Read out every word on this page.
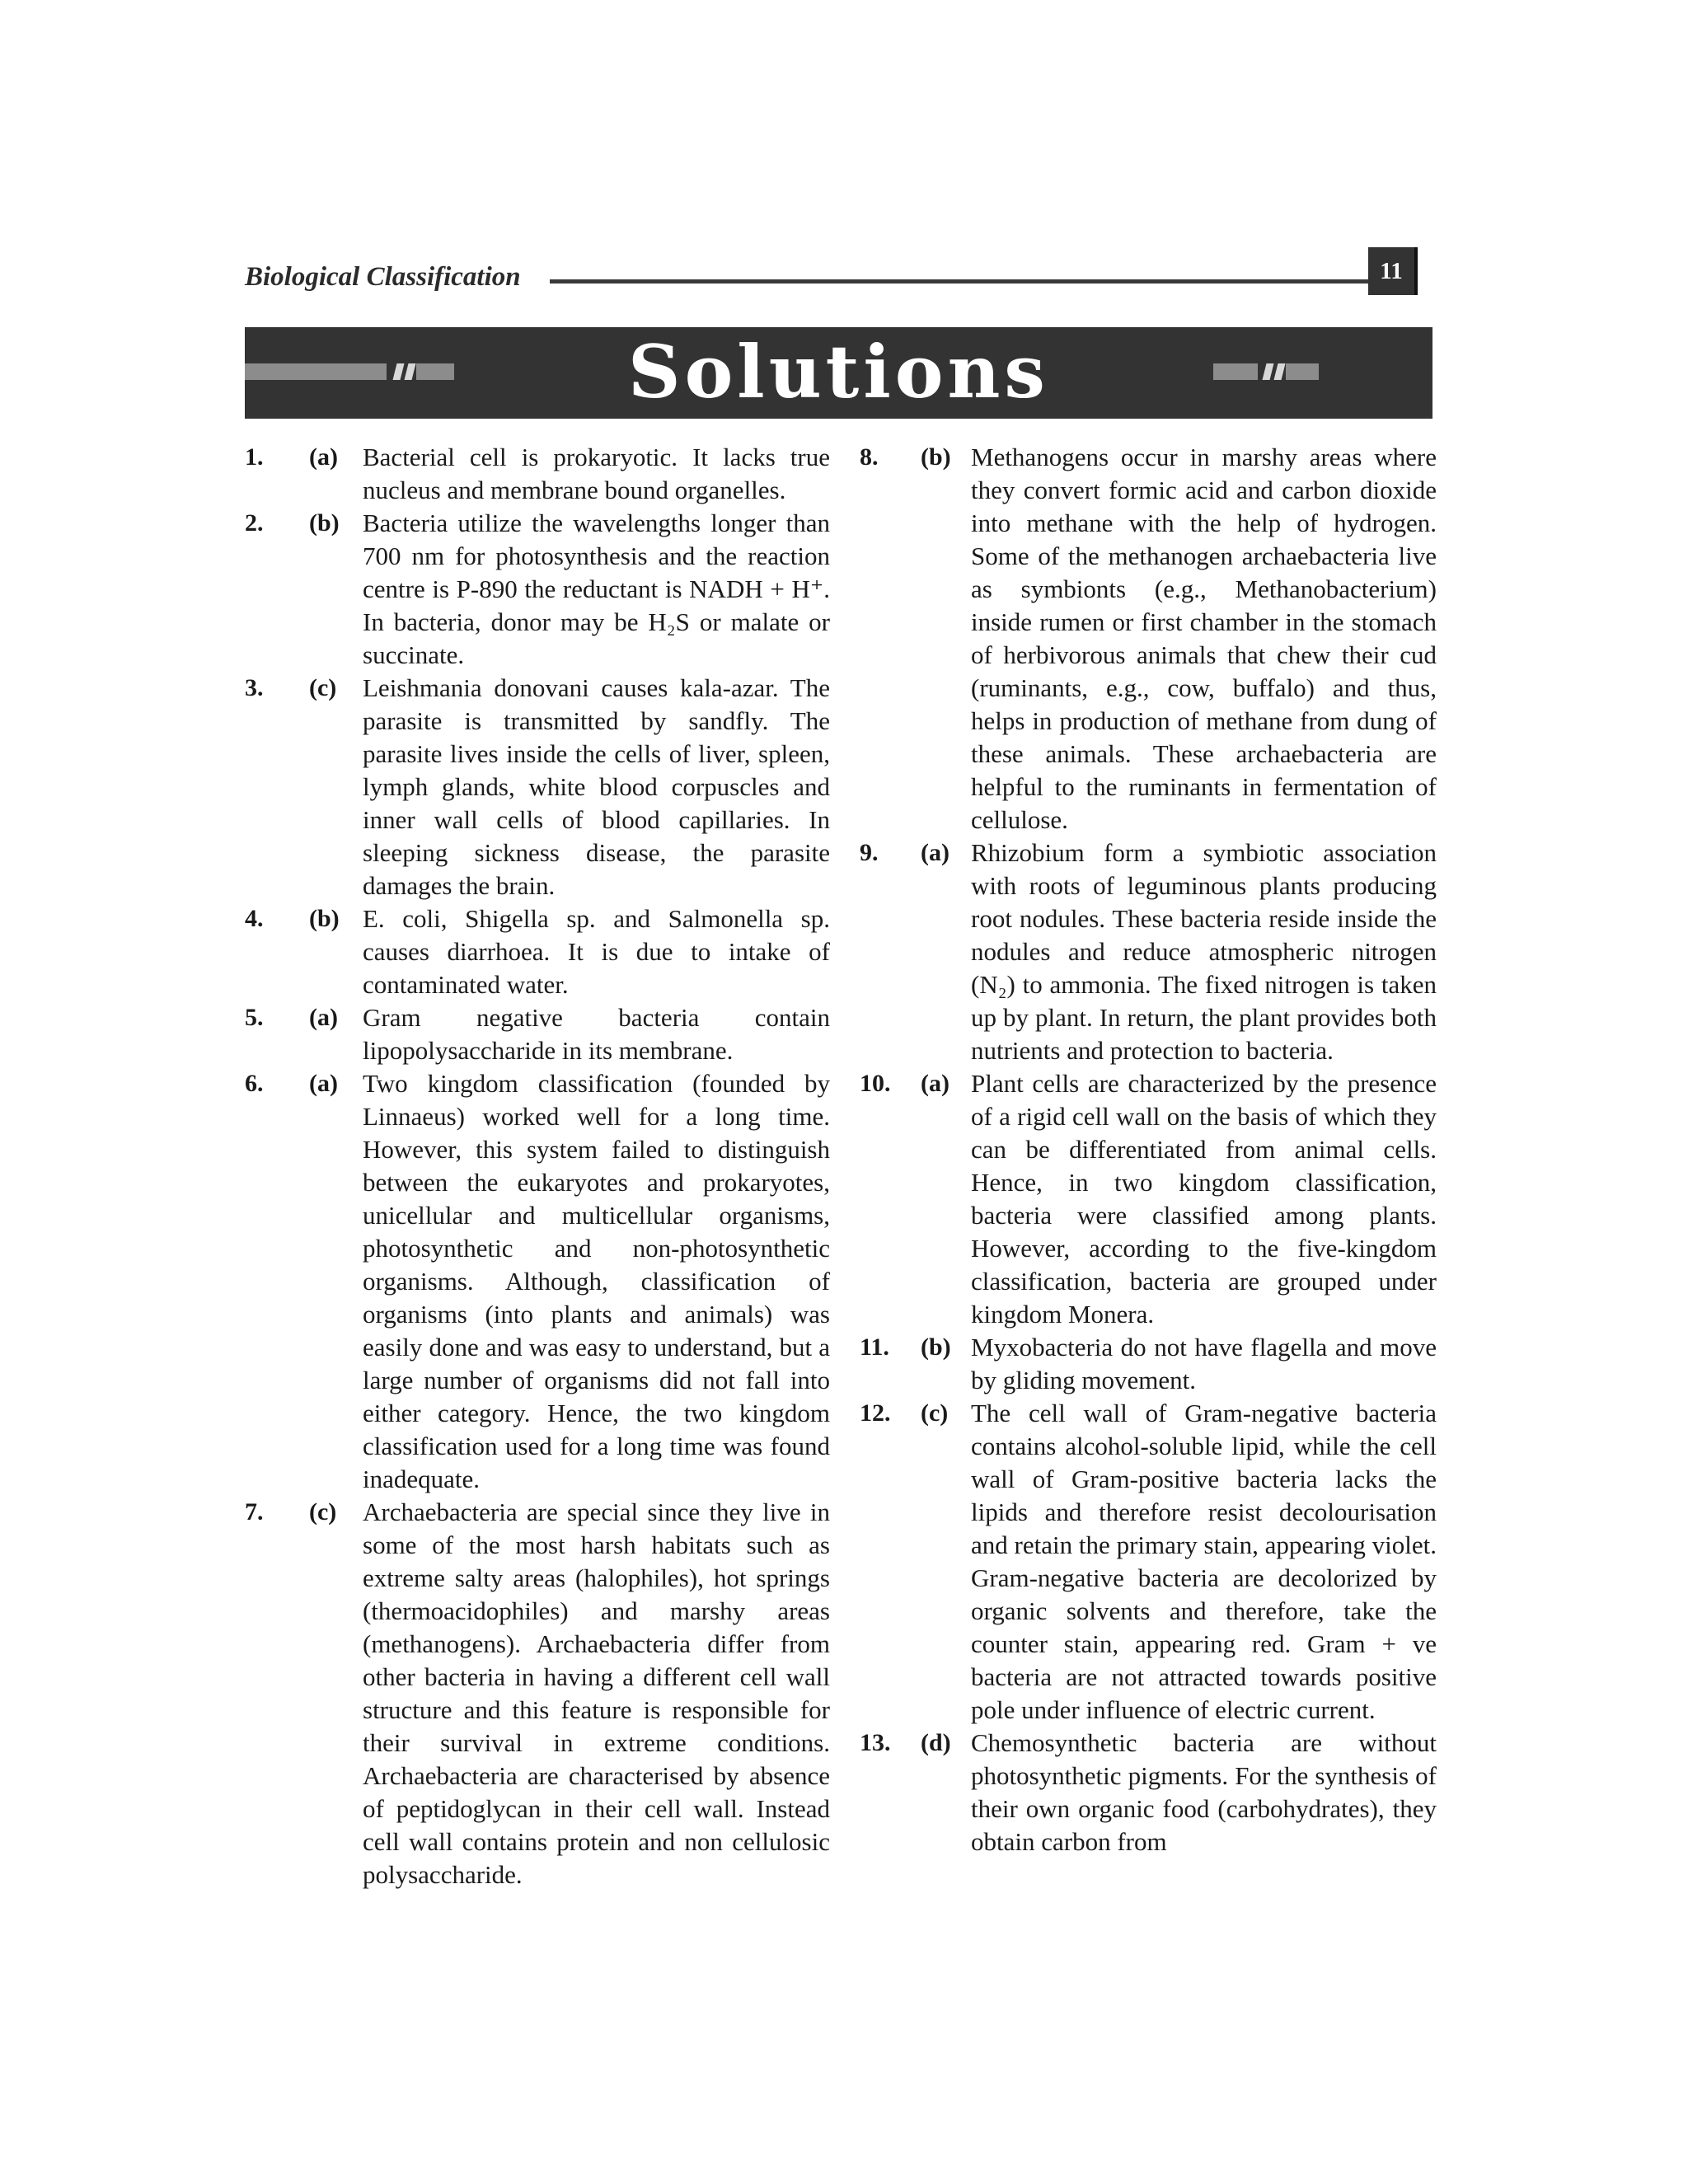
Biological Classification	11
Solutions
1. (a) Bacterial cell is prokaryotic. It lacks true nucleus and membrane bound organelles.
2. (b) Bacteria utilize the wavelengths longer than 700 nm for photosynthesis and the reaction centre is P-890 the reductant is NADH + H⁺. In bacteria, donor may be H₂S or malate or succinate.
3. (c) Leishmania donovani causes kala-azar. The parasite is transmitted by sandfly. The parasite lives inside the cells of liver, spleen, lymph glands, white blood corpuscles and inner wall cells of blood capillaries. In sleeping sickness disease, the parasite damages the brain.
4. (b) E. coli, Shigella sp. and Salmonella sp. causes diarrhoea. It is due to intake of contaminated water.
5. (a) Gram negative bacteria contain lipopolysaccharide in its membrane.
6. (a) Two kingdom classification (founded by Linnaeus) worked well for a long time. However, this system failed to distinguish between the eukaryotes and prokaryotes, unicellular and multicellular organisms, photosynthetic and non-photosynthetic organisms. Although, classification of organisms (into plants and animals) was easily done and was easy to understand, but a large number of organisms did not fall into either category. Hence, the two kingdom classification used for a long time was found inadequate.
7. (c) Archaebacteria are special since they live in some of the most harsh habitats such as extreme salty areas (halophiles), hot springs (thermoacidophiles) and marshy areas (methanogens). Archaebacteria differ from other bacteria in having a different cell wall structure and this feature is responsible for their survival in extreme conditions. Archaebacteria are characterised by absence of peptidoglycan in their cell wall. Instead cell wall contains protein and non cellulosic polysaccharide.
8. (b) Methanogens occur in marshy areas where they convert formic acid and carbon dioxide into methane with the help of hydrogen. Some of the methanogen archaebacteria live as symbionts (e.g., Methanobacterium) inside rumen or first chamber in the stomach of herbivorous animals that chew their cud (ruminants, e.g., cow, buffalo) and thus, helps in production of methane from dung of these animals. These archaebacteria are helpful to the ruminants in fermentation of cellulose.
9. (a) Rhizobium form a symbiotic association with roots of leguminous plants producing root nodules. These bacteria reside inside the nodules and reduce atmospheric nitrogen (N₂) to ammonia. The fixed nitrogen is taken up by plant. In return, the plant provides both nutrients and protection to bacteria.
10. (a) Plant cells are characterized by the presence of a rigid cell wall on the basis of which they can be differentiated from animal cells. Hence, in two kingdom classification, bacteria were classified among plants. However, according to the five-kingdom classification, bacteria are grouped under kingdom Monera.
11. (b) Myxobacteria do not have flagella and move by gliding movement.
12. (c) The cell wall of Gram-negative bacteria contains alcohol-soluble lipid, while the cell wall of Gram-positive bacteria lacks the lipids and therefore resist decolourisation and retain the primary stain, appearing violet. Gram-negative bacteria are decolorized by organic solvents and therefore, take the counter stain, appearing red. Gram + ve bacteria are not attracted towards positive pole under influence of electric current.
13. (d) Chemosynthetic bacteria are without photosynthetic pigments. For the synthesis of their own organic food (carbohydrates), they obtain carbon from
